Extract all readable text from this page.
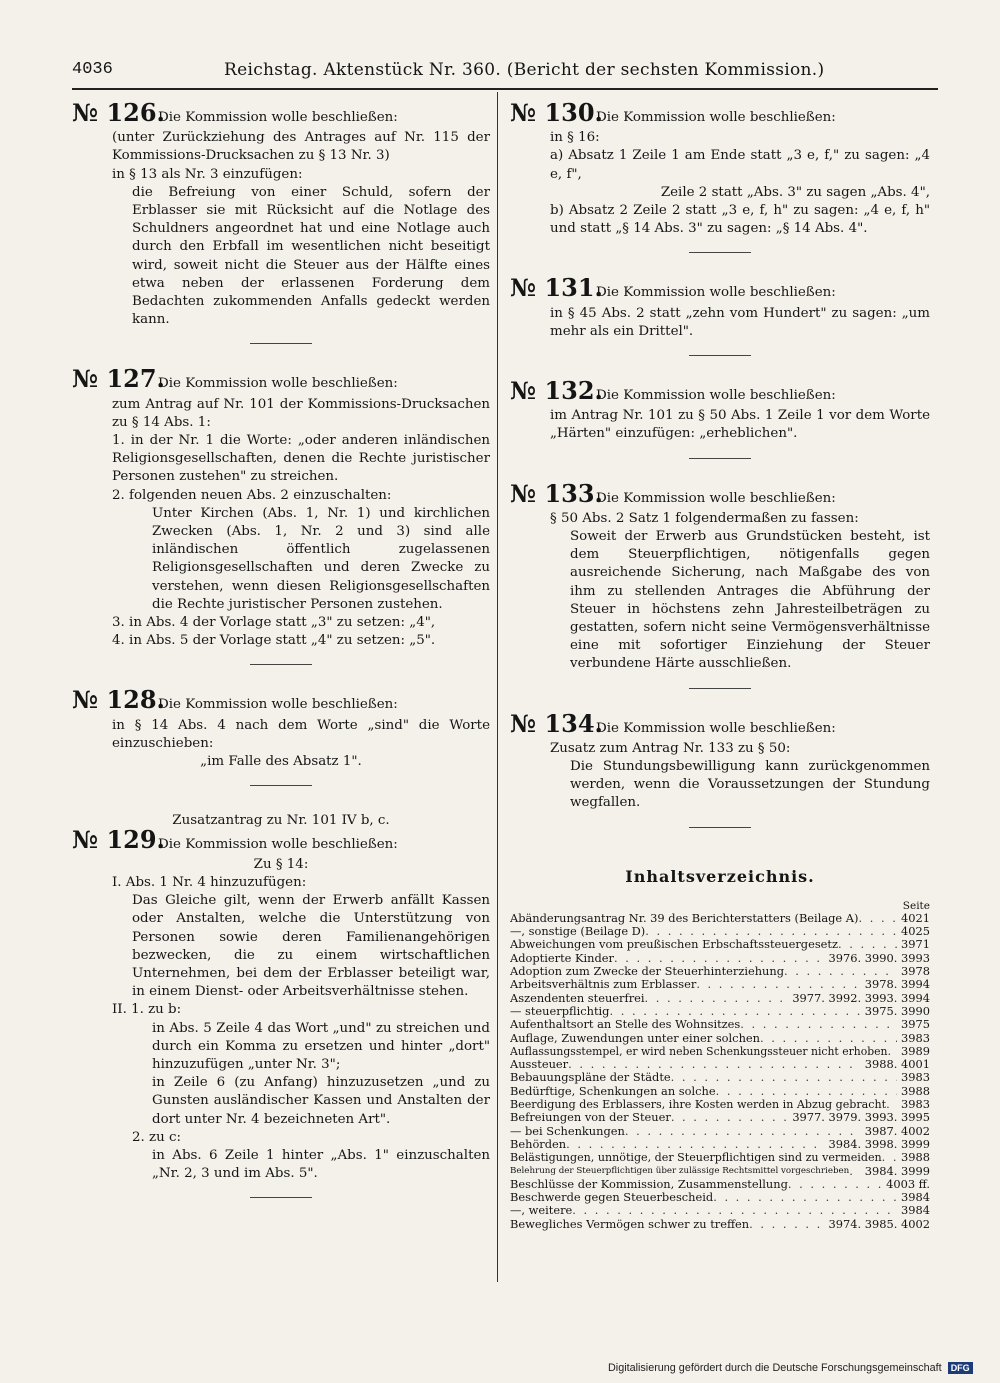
4036	Reichstag. Aktenstück Nr. 360. (Bericht der sechsten Kommission.)
№ 126.
Die Kommission wolle beschließen:

(unter Zurückziehung des Antrages auf Nr. 115 der Kommissions-Drucksachen zu § 13 Nr. 3)

in § 13 als Nr. 3 einzufügen:

die Befreiung von einer Schuld, sofern der Erblasser sie mit Rücksicht auf die Notlage des Schuldners angeordnet hat und eine Notlage auch durch den Erbfall im wesentlichen nicht beseitigt wird, soweit nicht die Steuer aus der Hälfte eines etwa neben der erlassenen Forderung dem Bedachten zukommenden Anfalls gedeckt werden kann.

№ 127.
Die Kommission wolle beschließen:

zum Antrag auf Nr. 101 der Kommissions-Drucksachen zu § 14 Abs. 1:

1. in der Nr. 1 die Worte: „oder anderen inländischen Religionsgesellschaften, denen die Rechte juristischer Personen zustehen" zu streichen.

2. folgenden neuen Abs. 2 einzuschalten:

Unter Kirchen (Abs. 1, Nr. 1) und kirchlichen Zwecken (Abs. 1, Nr. 2 und 3) sind alle inländischen öffentlich zugelassenen Religionsgesellschaften und deren Zwecke zu verstehen, wenn diesen Religionsgesellschaften die Rechte juristischer Personen zustehen.

3. in Abs. 4 der Vorlage statt „3" zu setzen: „4",

4. in Abs. 5 der Vorlage statt „4" zu setzen: „5".

№ 128.
Die Kommission wolle beschließen:

in § 14 Abs. 4 nach dem Worte „sind" die Worte einzuschieben:

„im Falle des Absatz 1".

Zusatzantrag zu Nr. 101 IV b, c.

№ 129.
Die Kommission wolle beschließen:

Zu § 14:

I. Abs. 1 Nr. 4 hinzuzufügen:

Das Gleiche gilt, wenn der Erwerb anfällt Kassen oder Anstalten, welche die Unterstützung von Personen sowie deren Familienangehörigen bezwecken, die zu einem wirtschaftlichen Unternehmen, bei dem der Erblasser beteiligt war, in einem Dienst- oder Arbeitsverhältnisse stehen.

II. 1. zu b:

in Abs. 5 Zeile 4 das Wort „und" zu streichen und durch ein Komma zu ersetzen und hinter „dort" hinzuzufügen „unter Nr. 3";

in Zeile 6 (zu Anfang) hinzuzusetzen „und zu Gunsten ausländischer Kassen und Anstalten der dort unter Nr. 4 bezeichneten Art".

2. zu c:

in Abs. 6 Zeile 1 hinter „Abs. 1" einzuschalten „Nr. 2, 3 und im Abs. 5".

№ 130.
Die Kommission wolle beschließen:

in § 16:

a) Absatz 1 Zeile 1 am Ende statt „3 e, f," zu sagen: „4 e, f",

Zeile 2 statt „Abs. 3" zu sagen „Abs. 4",

b) Absatz 2 Zeile 2 statt „3 e, f, h" zu sagen: „4 e, f, h" und statt „§ 14 Abs. 3" zu sagen: „§ 14 Abs. 4".

№ 131.
Die Kommission wolle beschließen:

in § 45 Abs. 2 statt „zehn vom Hundert" zu sagen: „um mehr als ein Drittel".

№ 132.
Die Kommission wolle beschließen:

im Antrag Nr. 101 zu § 50 Abs. 1 Zeile 1 vor dem Worte „Härten" einzufügen: „erheblichen".

№ 133.
Die Kommission wolle beschließen:

§ 50 Abs. 2 Satz 1 folgendermaßen zu fassen:

Soweit der Erwerb aus Grundstücken besteht, ist dem Steuerpflichtigen, nötigenfalls gegen ausreichende Sicherung, nach Maßgabe des von ihm zu stellenden Antrages die Abführung der Steuer in höchstens zehn Jahresteilbeträgen zu gestatten, sofern nicht seine Vermögensverhältnisse eine mit sofortiger Einziehung der Steuer verbundene Härte ausschließen.

№ 134.
Die Kommission wolle beschließen:

Zusatz zum Antrag Nr. 133 zu § 50:

Die Stundungsbewilligung kann zurückgenommen werden, wenn die Voraussetzungen der Stundung wegfallen.

Inhaltsverzeichnis.

Seite

Abänderungsantrag Nr. 39 des Berichterstatters (Beilage A) . . .	4021
—, sonstige (Beilage D) . . .	4025
Abweichungen vom preußischen Erbschaftssteuergesetz . . .	3971
Adoptierte Kinder . . .	3976. 3990. 3993
Adoption zum Zwecke der Steuerhinterziehung . . .	3978
Arbeitsverhältnis zum Erblasser . . .	3978. 3994
Aszendenten steuerfrei . . .	3977. 3992. 3993. 3994
— steuerpflichtig . . .	3975. 3990
Aufenthaltsort an Stelle des Wohnsitzes . . .	3975
Auflage, Zuwendungen unter einer solchen . . .	3983
Auflassungsstempel, er wird neben Schenkungssteuer nicht erhoben . . .	3989
Aussteuer . . .	3988. 4001
Bebauungspläne der Städte . . .	3983
Bedürftige, Schenkungen an solche . . .	3988
Beerdigung des Erblassers, ihre Kosten werden in Abzug gebracht . . .	3983
Befreiungen von der Steuer . . .	3977. 3979. 3993. 3995
— bei Schenkungen . . .	3987. 4002
Behörden . . .	3984. 3998. 3999
Belästigungen, unnötige, der Steuerpflichtigen sind zu vermeiden . . .	3988
Belehrung der Steuerpflichtigen über zulässige Rechtsmittel vorgeschrieben . . .	3984. 3999
Beschlüsse der Kommission, Zusammenstellung . . .	4003 ff.
Beschwerde gegen Steuerbescheid . . .	3984
—, weitere . . .	3984
Bewegliches Vermögen schwer zu treffen . . .	3974. 3985. 4002
Digitalisierung gefördert durch die Deutsche Forschungsgemeinschaft DFG
